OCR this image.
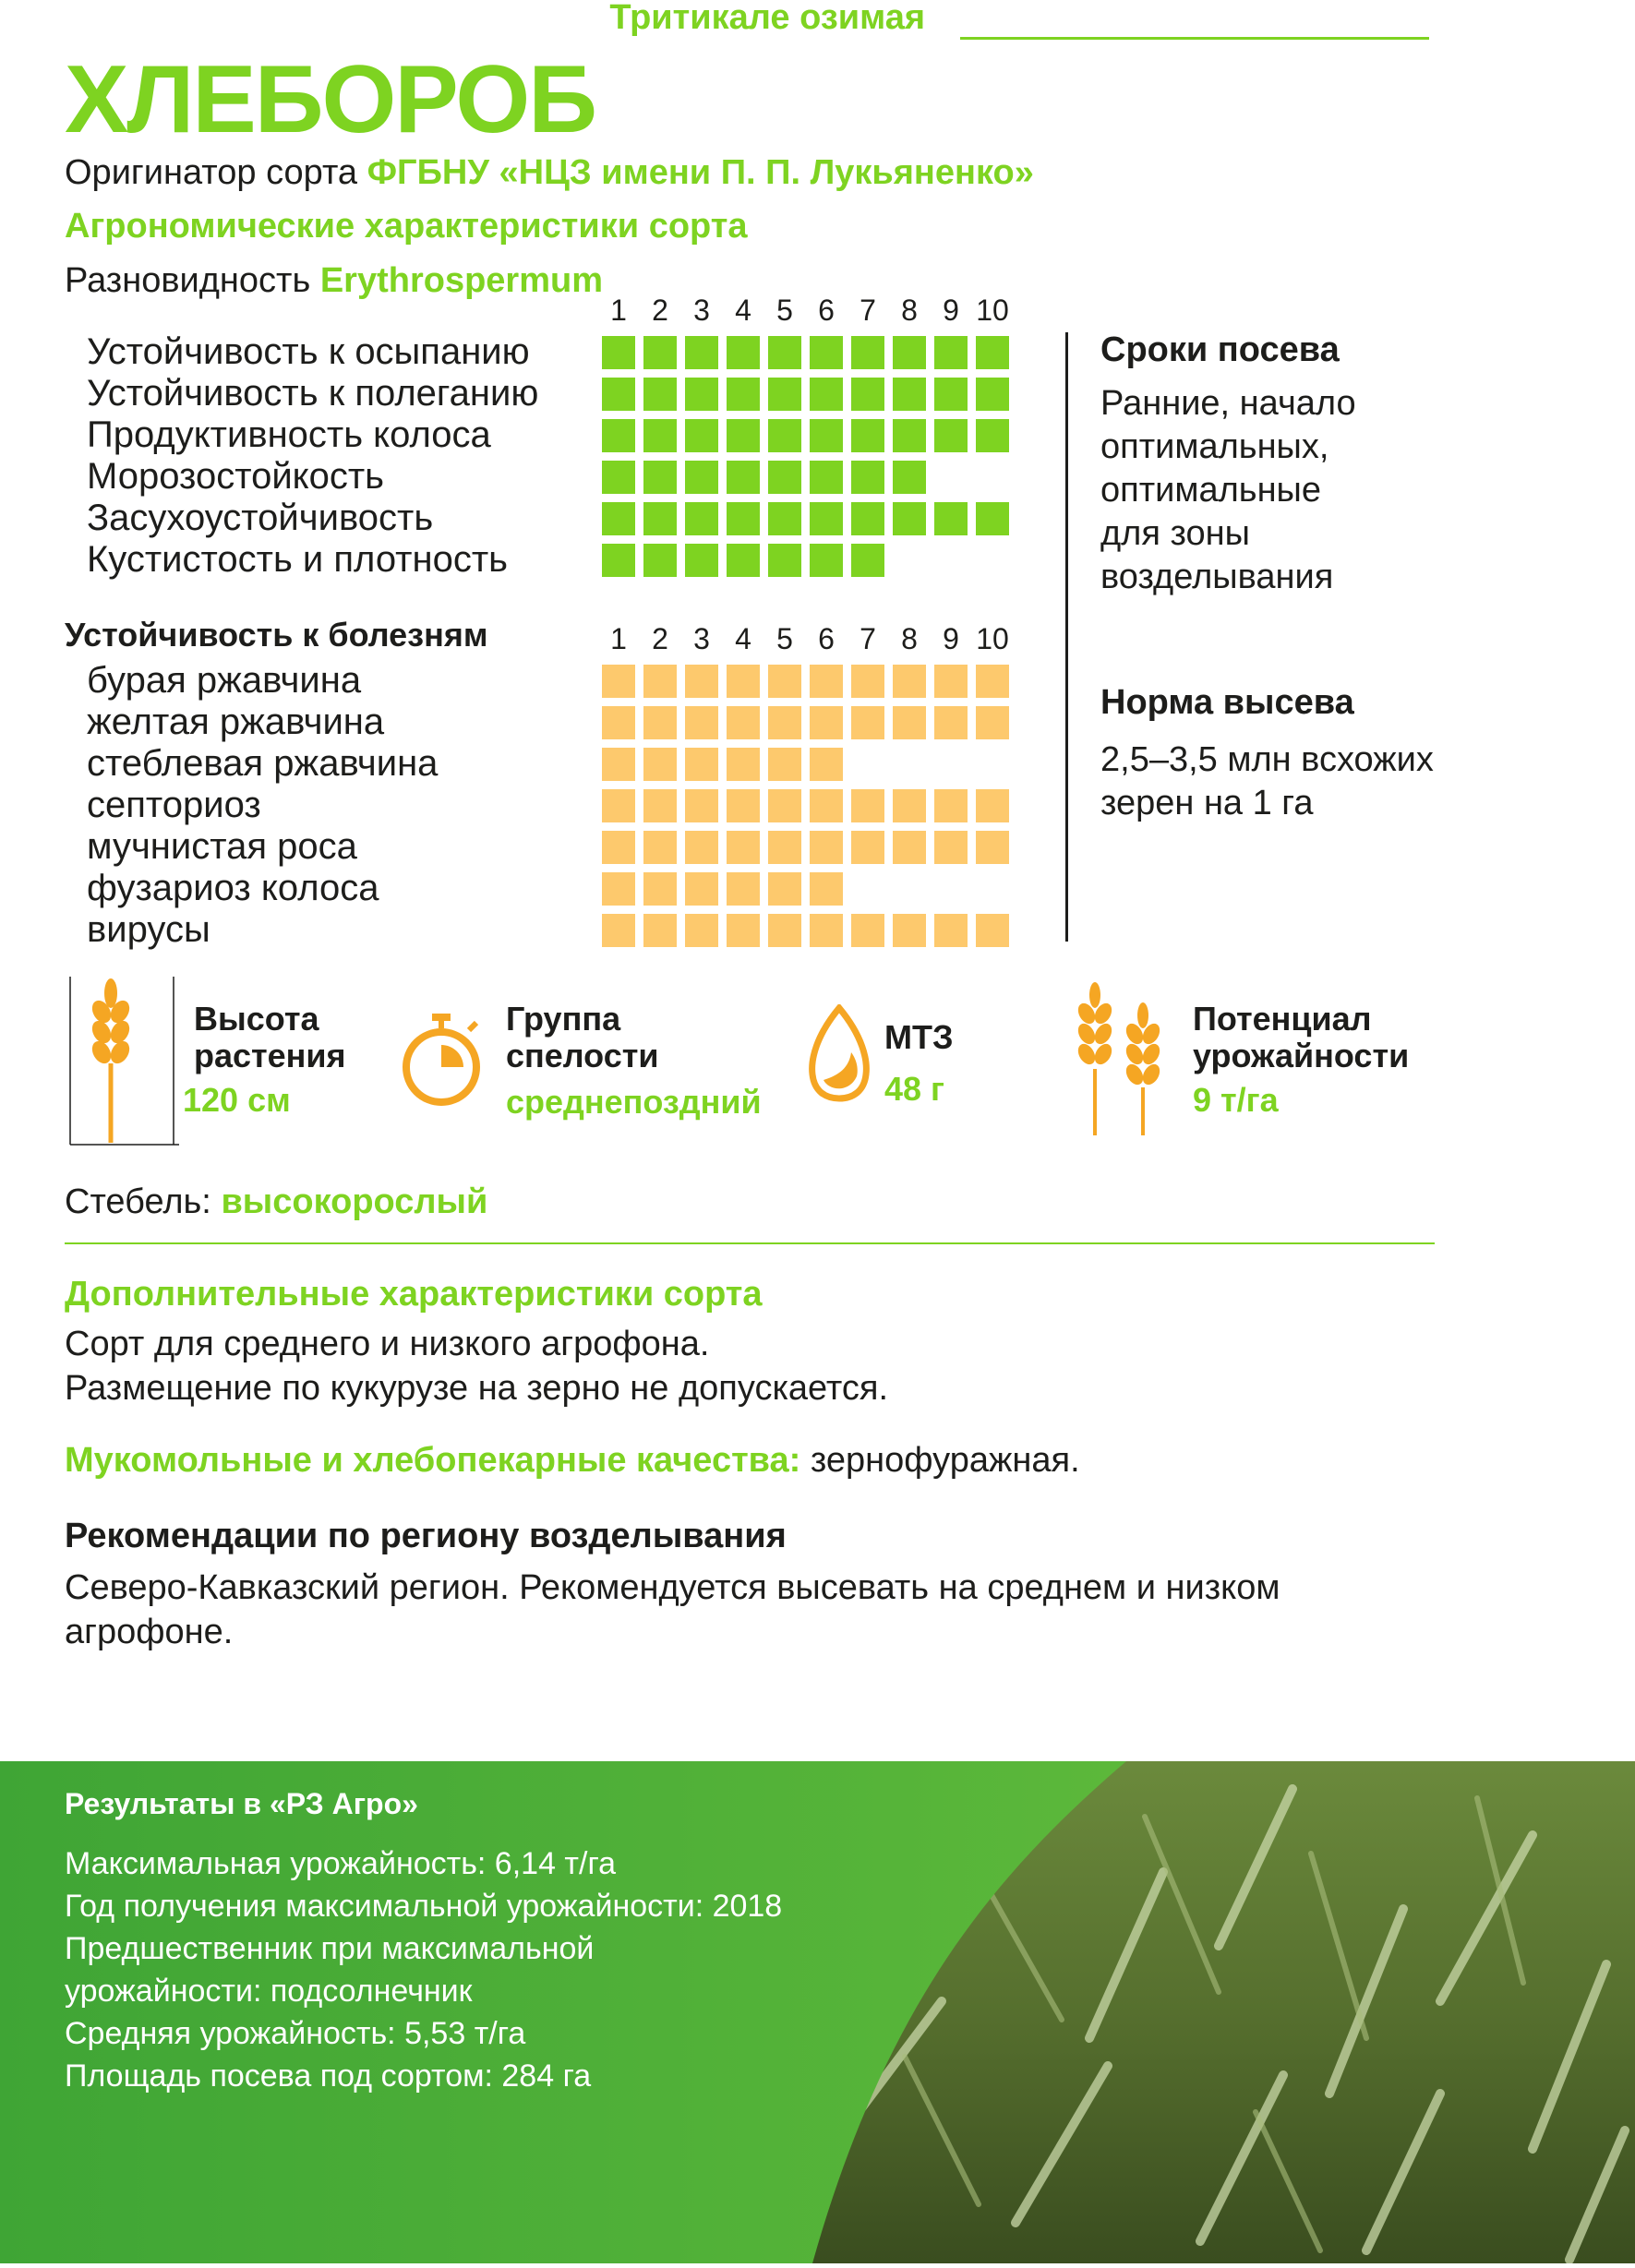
Тритикале озимая
ХЛЕБОРОБ
Оригинатор сорта ФГБНУ «НЦЗ имени П. П. Лукьяненко»
Агрономические характеристики сорта
Разновидность Erythrospermum
1 2 3 4 5 6 7 8 9 10
Устойчивость к осыпанию
Устойчивость к полеганию
Продуктивность колоса
Морозостойкость
Засухоустойчивость
Кустистость и плотность
Устойчивость к болезням	1 2 3 4 5 6 7 8 9 10
бурая ржавчина
желтая ржавчина
стеблевая ржавчина
септориоз
мучнистая роса
фузариоз колоса
вирусы
Сроки посева
Ранние, начало
оптимальных,
оптимальные
для зоны
возделывания
Норма высева
2,5–3,5 млн всхожих
зерен на 1 га
Высота
растения
120 см
Группа
спелости
среднепоздний
МТЗ
48 г
Потенциал
урожайности
9 т/га
Стебель: высокорослый
Дополнительные характеристики сорта
Сорт для среднего и низкого агрофона.
Размещение по кукурузе на зерно не допускается.
Мукомольные и хлебопекарные качества: зернофуражная.
Рекомендации по региону возделывания
Северо-Кавказский регион. Рекомендуется высевать на среднем и низком
агрофоне.
Результаты в «РЗ Агро»
Максимальная урожайность: 6,14 т/га
Год получения максимальной урожайности: 2018
Предшественник при максимальной
урожайности: подсолнечник
Средняя урожайность: 5,53 т/га
Площадь посева под сортом: 284 га
